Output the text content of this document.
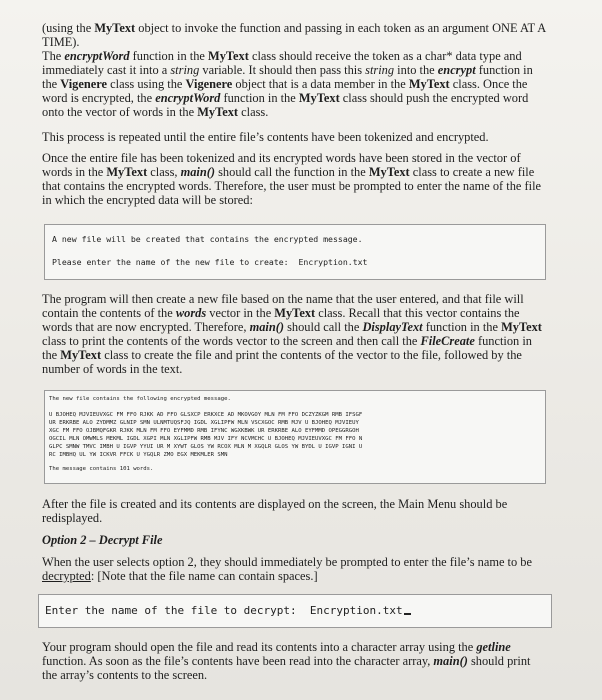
(using the MyText object to invoke the function and passing in each token as an argument ONE AT A TIME).

The encryptWord function in the MyText class should receive the token as a char* data type and immediately cast it into a string variable. It should then pass this string into the encrypt function in the Vigenere class using the Vigenere object that is a data member in the MyText class. Once the word is encrypted, the encryptWord function in the MyText class should push the encrypted word onto the vector of words in the MyText class.

This process is repeated until the entire file’s contents have been tokenized and encrypted.

Once the entire file has been tokenized and its encrypted words have been stored in the vector of words in the MyText class, main() should call the function in the MyText class to create a new file that contains the encrypted words. Therefore, the user must be prompted to enter the name of the file in which the encrypted data will be stored:

A new file will be created that contains the encrypted message.
Please enter the name of the new file to create: Encryption.txt

The program will then create a new file based on the name that the user entered, and that file will contain the contents of the words vector in the MyText class. Recall that this vector contains the words that are now encrypted. Therefore, main() should call the DisplayText function in the MyText class to print the contents of the words vector to the screen and then call the FileCreate function in the MyText class to create the file and print the contents of the vector to the file, followed by the number of words in the text.

The new file contains the following encrypted message.
U BJOHEQ MJVIEUVXGC FM FFO RJKK AD FFO GLSXCP ERKXCE AD MKOVGOY MLN FM FFO DCZYZKGM RMB IFSGF
UR ERKRBE ALO ZYDMMZ GLNIP SMN ULNMTUQSFJQ IGDL XGLIPFW MLN VSCXGOC RMB MJV U BJOHEQ MJVIEUY
XGC FM FFO OJBMQFGKR RJKK MLN FM FFO EYFMMD RMB IFYNC WGXKBWK UR ERKRBE ALO EYFMMD OPEGGRGOH
OGCIL MLN OMWMLS MEKML IGDL XGPI MLN XGLIPFW RMB MJV IFY NCVMCHC U BJOHEQ MJVIEUVXGC FM FFO N
GLPC SMNW TMVC IMBH U IGVP YYUI UR M XYWT GLOS YW RCOX MLN M XGQLR GLOS YW BYDL U IGVP IGNI U
RC IMBHQ UL YW ICKVR FFCK U YGQLR ZMO EGX MEKMLER SMN
The message contains 101 words.

After the file is created and its contents are displayed on the screen, the Main Menu should be redisplayed.

Option 2 – Decrypt File

When the user selects option 2, they should immediately be prompted to enter the file’s name to be decrypted: [Note that the file name can contain spaces.]

Enter the name of the file to decrypt: Encryption.txt

Your program should open the file and read its contents into a character array using the getline function. As soon as the file’s contents have been read into the character array, main() should print the array’s contents to the screen.
